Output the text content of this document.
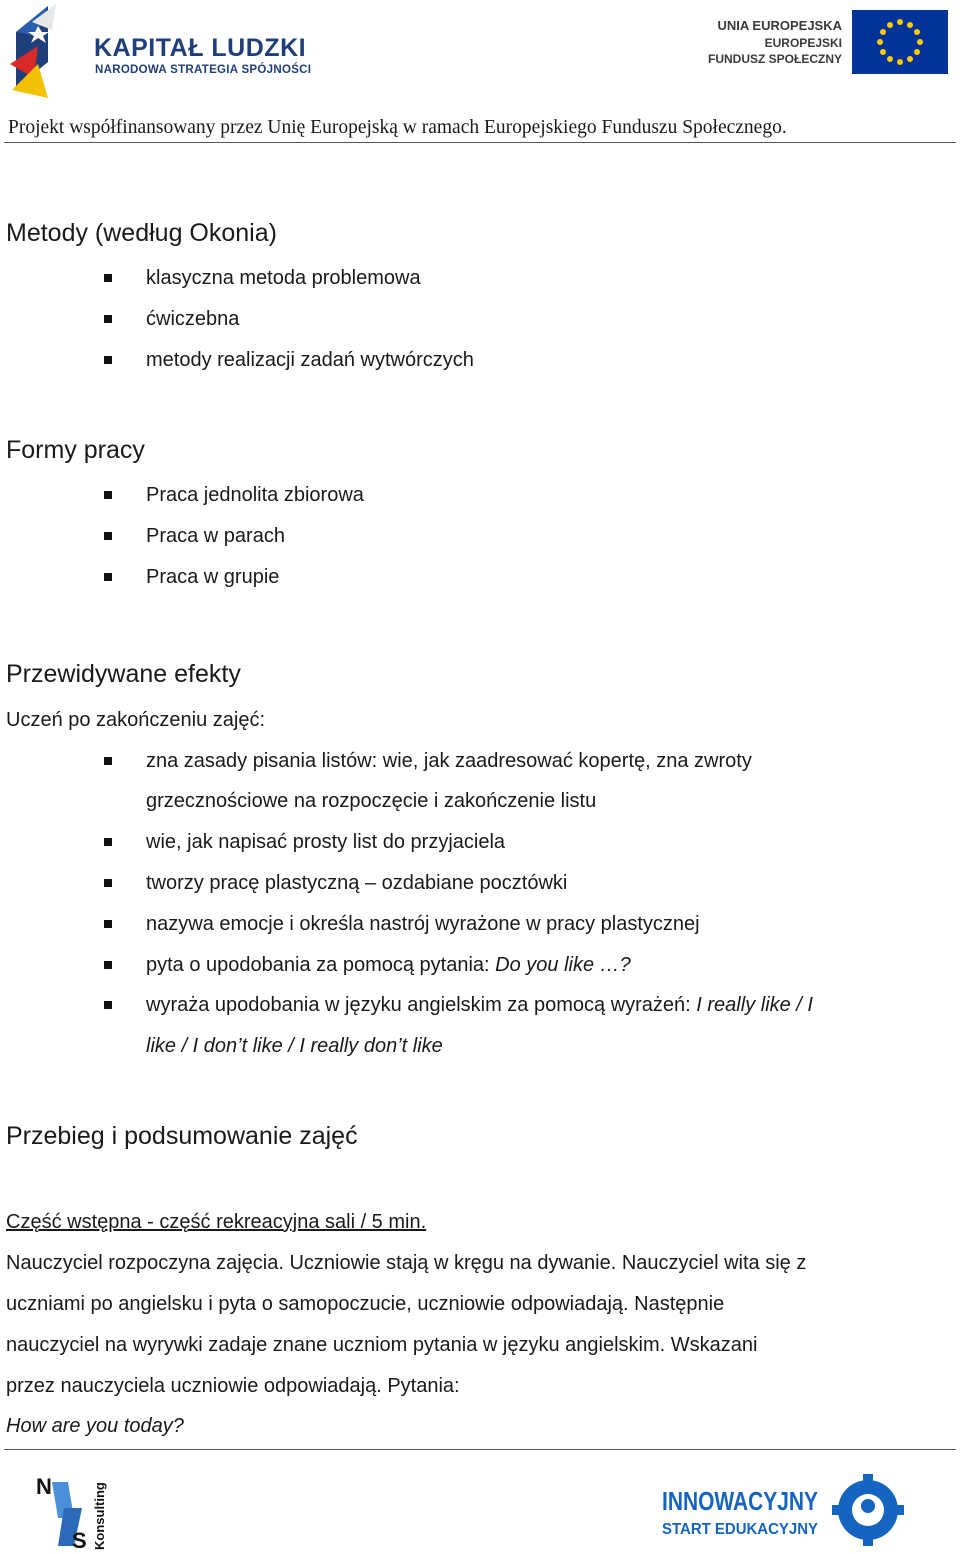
KAPITAŁ LUDZKI
NARODOWA STRATEGIA SPÓJNOŚCI
UNIA EUROPEJSKA
EUROPEJSKI
FUNDUSZ SPOŁECZNY
Projekt współfinansowany przez Unię Europejską w ramach Europejskiego Funduszu Społecznego.
Metody (według Okonia)
klasyczna metoda problemowa
ćwiczebna
metody realizacji zadań wytwórczych
Formy pracy
Praca jednolita zbiorowa
Praca w parach
Praca w grupie
Przewidywane efekty
Uczeń po zakończeniu zajęć:
zna zasady pisania listów: wie, jak zaadresować kopertę, zna zwroty
grzecznościowe na rozpoczęcie i zakończenie listu
wie, jak napisać prosty list do przyjaciela
tworzy pracę plastyczną – ozdabiane pocztówki
nazywa emocje i określa nastrój wyrażone w pracy plastycznej
pyta o upodobania za pomocą pytania: Do you like …?
wyraża upodobania w języku angielskim za pomocą wyrażeń: I really like / I
like / I don’t like / I really don’t like
Przebieg i podsumowanie zajęć
Część wstępna - część rekreacyjna sali / 5 min.
Nauczyciel rozpoczyna zajęcia. Uczniowie stają w kręgu na dywanie. Nauczyciel wita się z
uczniami po angielsku i pyta o samopoczucie, uczniowie odpowiadają. Następnie
nauczyciel na wyrywki zadaje znane uczniom pytania w języku angielskim. Wskazani
przez nauczyciela uczniowie odpowiadają. Pytania:
How are you today?
N
S Konsulting	INNOWACYJNY
START EDUKACYJNY
